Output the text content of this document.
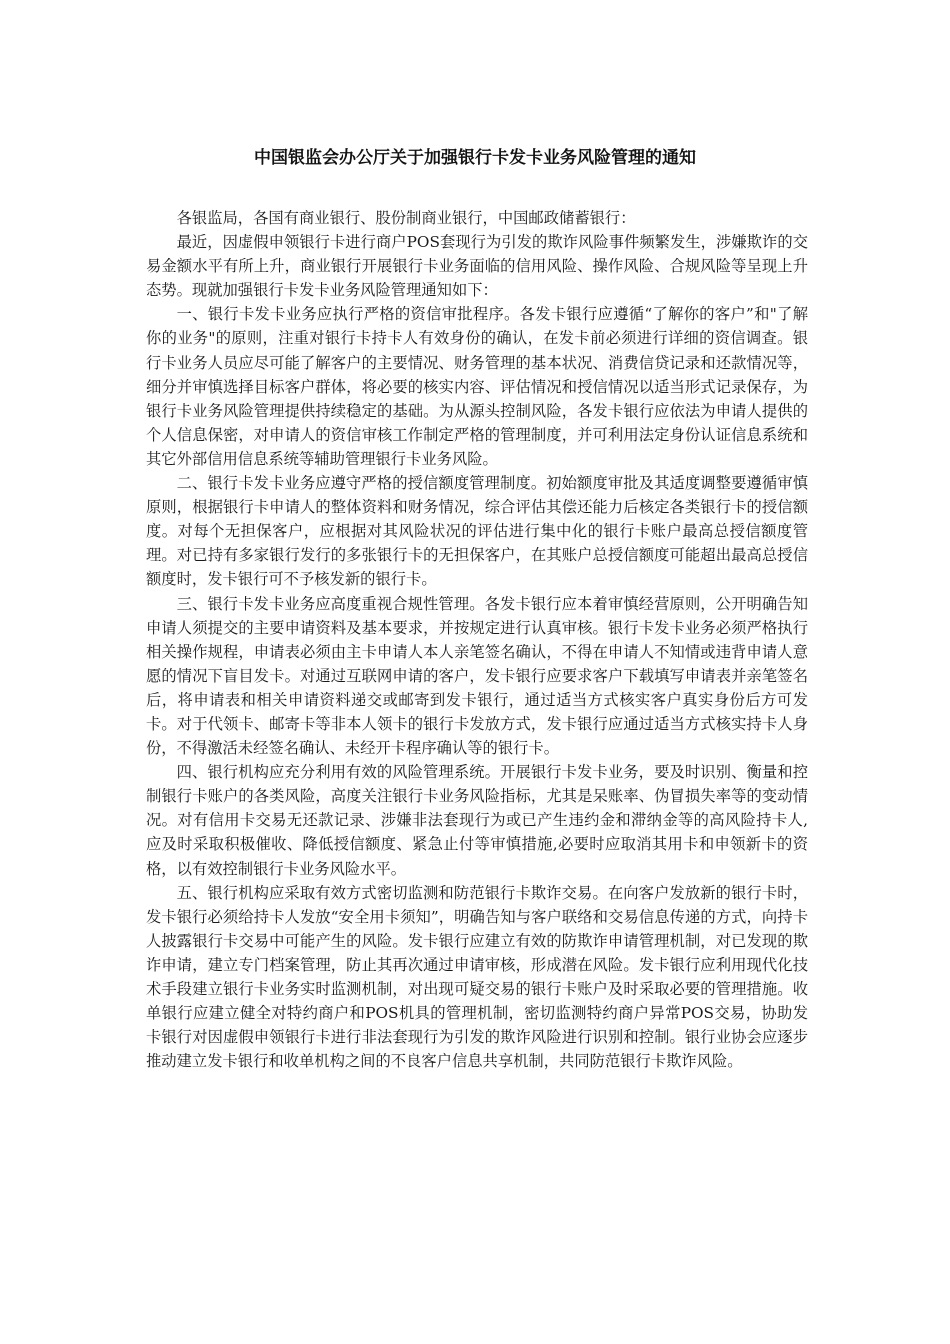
中国银监会办公厅关于加强银行卡发卡业务风险管理的通知

各银监局，各国有商业银行、股份制商业银行，中国邮政储蓄银行：

最近，因虚假申领银行卡进行商户POS套现行为引发的欺诈风险事件频繁发生，涉嫌欺诈的交易金额水平有所上升，商业银行开展银行卡业务面临的信用风险、操作风险、合规风险等呈现上升态势。现就加强银行卡发卡业务风险管理通知如下：

一、银行卡发卡业务应执行严格的资信审批程序。各发卡银行应遵循“了解你的客户”和"了解你的业务"的原则，注重对银行卡持卡人有效身份的确认，在发卡前必须进行详细的资信调查。银行卡业务人员应尽可能了解客户的主要情况、财务管理的基本状况、消费信贷记录和还款情况等，细分并审慎选择目标客户群体，将必要的核实内容、评估情况和授信情况以适当形式记录保存，为银行卡业务风险管理提供持续稳定的基础。为从源头控制风险，各发卡银行应依法为申请人提供的个人信息保密，对申请人的资信审核工作制定严格的管理制度，并可利用法定身份认证信息系统和其它外部信用信息系统等辅助管理银行卡业务风险。

二、银行卡发卡业务应遵守严格的授信额度管理制度。初始额度审批及其适度调整要遵循审慎原则，根据银行卡申请人的整体资料和财务情况，综合评估其偿还能力后核定各类银行卡的授信额度。对每个无担保客户，应根据对其风险状况的评估进行集中化的银行卡账户最高总授信额度管理。对已持有多家银行发行的多张银行卡的无担保客户，在其账户总授信额度可能超出最高总授信额度时，发卡银行可不予核发新的银行卡。

三、银行卡发卡业务应高度重视合规性管理。各发卡银行应本着审慎经营原则，公开明确告知申请人须提交的主要申请资料及基本要求，并按规定进行认真审核。银行卡发卡业务必须严格执行相关操作规程，申请表必须由主卡申请人本人亲笔签名确认，不得在申请人不知情或违背申请人意愿的情况下盲目发卡。对通过互联网申请的客户，发卡银行应要求客户下载填写申请表并亲笔签名后，将申请表和相关申请资料递交或邮寄到发卡银行，通过适当方式核实客户真实身份后方可发卡。对于代领卡、邮寄卡等非本人领卡的银行卡发放方式，发卡银行应通过适当方式核实持卡人身份，不得激活未经签名确认、未经开卡程序确认等的银行卡。

四、银行机构应充分利用有效的风险管理系统。开展银行卡发卡业务，要及时识别、衡量和控制银行卡账户的各类风险，高度关注银行卡业务风险指标，尤其是呆账率、伪冒损失率等的变动情况。对有信用卡交易无还款记录、涉嫌非法套现行为或已产生违约金和滞纳金等的高风险持卡人,应及时采取积极催收、降低授信额度、紧急止付等审慎措施,必要时应取消其用卡和申领新卡的资格，以有效控制银行卡业务风险水平。

五、银行机构应采取有效方式密切监测和防范银行卡欺诈交易。在向客户发放新的银行卡时，发卡银行必须给持卡人发放“安全用卡须知”，明确告知与客户联络和交易信息传递的方式，向持卡人披露银行卡交易中可能产生的风险。发卡银行应建立有效的防欺诈申请管理机制，对已发现的欺诈申请，建立专门档案管理，防止其再次通过申请审核，形成潜在风险。发卡银行应利用现代化技术手段建立银行卡业务实时监测机制，对出现可疑交易的银行卡账户及时采取必要的管理措施。收单银行应建立健全对特约商户和POS机具的管理机制，密切监测特约商户异常POS交易，协助发卡银行对因虚假申领银行卡进行非法套现行为引发的欺诈风险进行识别和控制。银行业协会应逐步推动建立发卡银行和收单机构之间的不良客户信息共享机制，共同防范银行卡欺诈风险。
